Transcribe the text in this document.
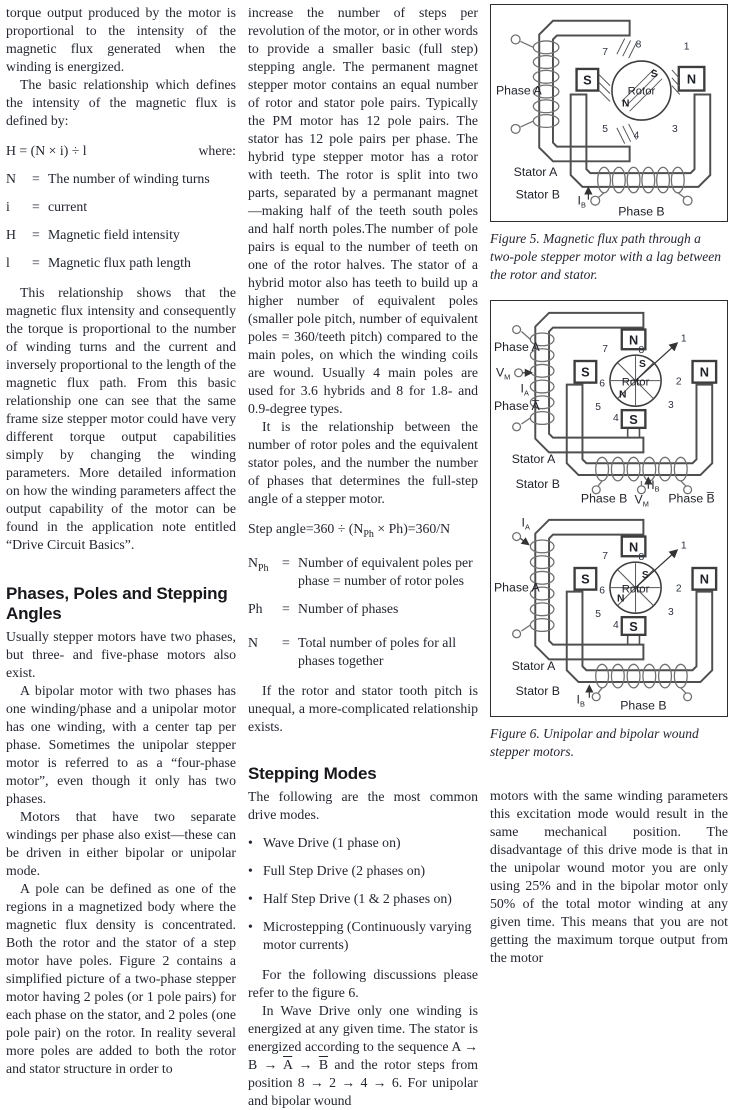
torque output produced by the motor is proportional to the intensity of the magnetic flux generated when the winding is energized.

The basic relationship which defines the intensity of the magnetic flux is defined by:

H = (N × i) ÷ l	where:
N	= The number of winding turns
i	= current
H	= Magnetic field intensity
l	= Magnetic flux path length

This relationship shows that the magnetic flux intensity and consequently the torque is proportional to the number of winding turns and the current and inversely proportional to the length of the magnetic flux path. From this basic relationship one can see that the same frame size stepper motor could have very different torque output capabilities simply by changing the winding parameters. More detailed information on how the winding parameters affect the output capability of the motor can be found in the application note entitled “Drive Circuit Basics”.

Phases, Poles and Stepping Angles

Usually stepper motors have two phases, but three- and five-phase motors also exist.

A bipolar motor with two phases has one winding/phase and a unipolar motor has one winding, with a center tap per phase. Sometimes the unipolar stepper motor is referred to as a “four-phase motor”, even though it only has two phases.

Motors that have two separate windings per phase also exist—these can be driven in either bipolar or unipolar mode.

A pole can be defined as one of the regions in a magnetized body where the magnetic flux density is concentrated. Both the rotor and the stator of a step motor have poles. Figure 2 contains a simplified picture of a two-phase stepper motor having 2 poles (or 1 pole pairs) for each phase on the stator, and 2 poles (one pole pair) on the rotor. In reality several more poles are added to both the rotor and stator structure in order to

increase the number of steps per revolution of the motor, or in other words to provide a smaller basic (full step) stepping angle. The permanent magnet stepper motor contains an equal number of rotor and stator pole pairs. Typically the PM motor has 12 pole pairs. The stator has 12 pole pairs per phase. The hybrid type stepper motor has a rotor with teeth. The rotor is split into two parts, separated by a permanant magnet—making half of the teeth south poles and half north poles.The number of pole pairs is equal to the number of teeth on one of the rotor halves. The stator of a hybrid motor also has teeth to build up a higher number of equivalent poles (smaller pole pitch, number of equivalent poles = 360/teeth pitch) compared to the main poles, on which the winding coils are wound. Usually 4 main poles are used for 3.6 hybrids and 8 for 1.8- and 0.9-degree types.

It is the relationship between the number of rotor poles and the equivalent stator poles, and the number the number of phases that determines the full-step angle of a stepper motor.

Step angle=360 ÷ $(N_{Ph} \times Ph)=360/N$

$N_{Ph}$ = Number of equivalent poles per phase = number of rotor poles
Ph	= Number of phases
N	= Total number of poles for all phases together

If the rotor and stator tooth pitch is unequal, a more-complicated relationship exists.

Stepping Modes

The following are the most common drive modes.

• Wave Drive (1 phase on)
• Full Step Drive (2 phases on)
• Half Step Drive (1 & 2 phases on)
• Microstepping (Continuously varying motor currents)

For the following discussions please refer to the figure 6.

In Wave Drive only one winding is energized at any given time. The stator is energized according to the sequence $A \to B \to \overline{A} \to \overline{B}$ and the rotor steps from position 8 → 2 → 4 → 6. For unipolar and bipolar wound

S	N
S
N
Rotor
7
8	1
5
4
3
Phase A
Stator A
Stator B
Phase B
$I_B$

Figure 5. Magnetic flux path through a two-pole stepper motor with a lag between the rotor and stator.

N
S
S	N
S
N
Rotor
8
1
2
3
4
5
6
7
Phase A
$V_M$
$I_A$
Phase A̅
Stator A
Stator B	$I_B$
Phase B $V_M$ Phase B̅
N
S
S	N
S
N
Rotor
8
1
2
3
4
5
6
7
$I_A$
Phase A
Stator A
Stator B
$I_B$	Phase B

Figure 6. Unipolar and bipolar wound stepper motors.

motors with the same winding parameters this excitation mode would result in the same mechanical position. The disadvantage of this drive mode is that in the unipolar wound motor you are only using 25% and in the bipolar motor only 50% of the total motor winding at any given time. This means that you are not getting the maximum torque output from the motor
